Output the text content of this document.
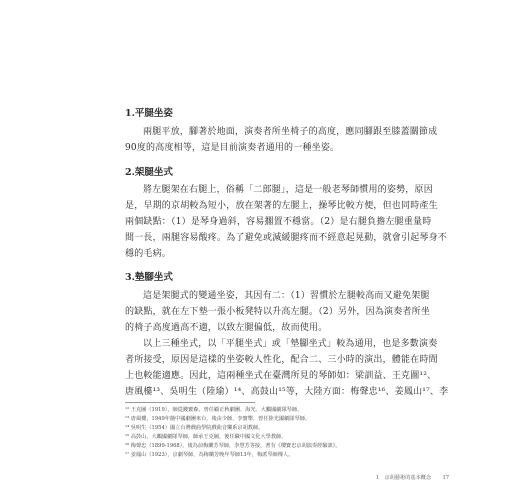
1.平腿坐姿
兩腿平放，腳著於地面，演奏者所坐椅子的高度，應同腳跟至膝蓋關節成
90度的高度相等，這是目前演奏者通用的一種坐姿。
2.架腿坐式
將左腿架在右腿上，俗稱「二郎腿」，這是一般老琴師慣用的姿勢，原因
是，早期的京胡較為短小，放在架著的左腿上，操琴比較方便，但也同時產生
兩個缺點：（1）是琴身過斜，容易擱置不穩當。（2）是右腿負擔左腿重量時
間一長，兩腿容易酸疼。為了避免或減緩腿疼而不經意起晃動，就會引起琴身不
穩的毛病。
3.墊腳坐式
這是架腿式的變通坐姿，其因有二：（1）習慣於左腿較高而又避免架腿
的缺點，就在左下墊一張小板凳特以升高左腿。（2）另外，因為演奏者所坐
的椅子高度過高不適，以致左腿偏低，故而使用。
以上三種坐式，以「平腿坐式」或「墊腳坐式」較為通用，也是多數演奏
者所接受，原因是這樣的坐姿較人性化，配合二、三小時的演出，體能在時間
上也較能適應。因此，這兩種坐式在臺灣所見的琴師如：梁訓益、王克圖¹²、
唐風樓¹³、吳明生（陸瑜）¹⁴、高鼓山¹⁵等，大陸方面：梅聲忠¹⁶、姜鳳山¹⁷、李
¹² 王克圖（1919），師從錢寶森，曾任顧正秋劇團、海光、大鵬國劇隊琴師。
¹³ 唐風樓，1949年隨中國劇團來台，後由少師、李寶擊，曾任陸光國劇隊琴師。
¹⁴ 吳明生（1954）國立台灣戲曲學院戲曲音樂系京胡教師。
¹⁵ 高鼓山，大鵬國劇隊琴師，師承王克圖，後任職中國文化大學教師。
¹⁶ 梅聲忠（1899-1968），後為前梅蘭芳琴師，李慧芳等接，著有《樓寶忠京胡演奏經驗談》。
¹⁷ 姜鳳山（1923），京劇琴師，為梅蘭芳晚年琴師13年，梅派琴師傳人。
1　京胡藝術的基本概念 17
